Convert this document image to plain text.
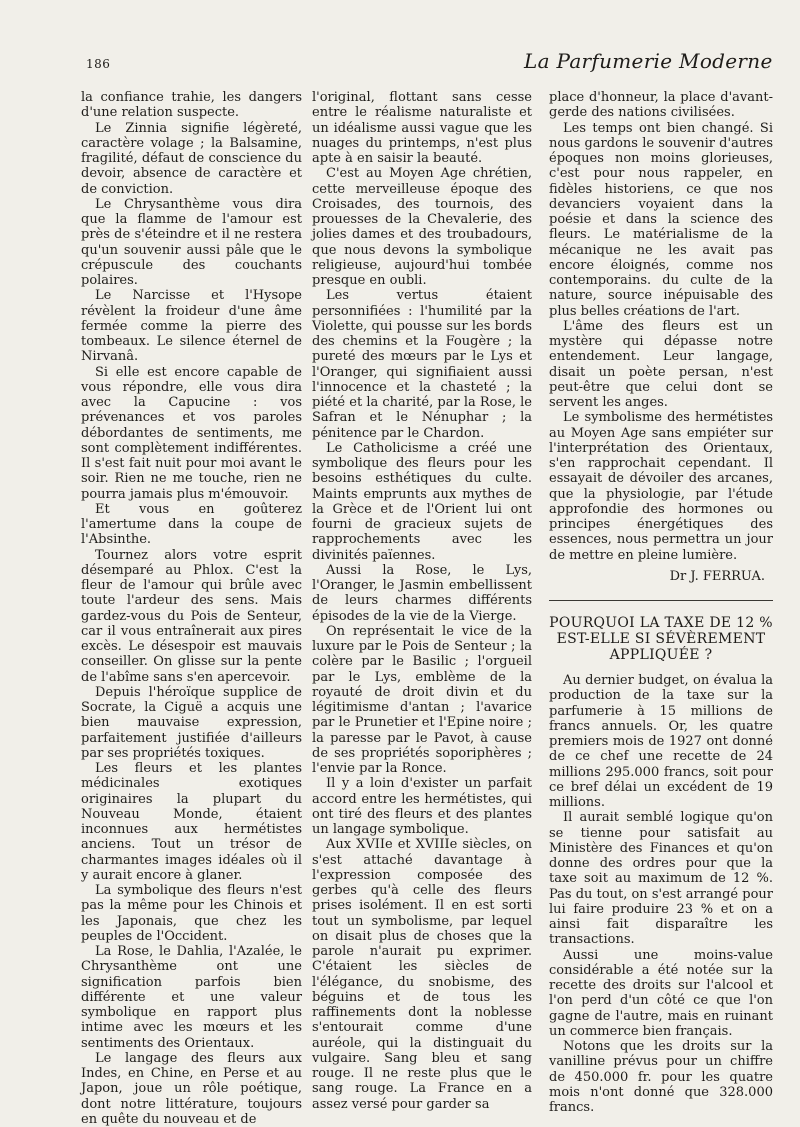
186	La Parfumerie Moderne

la confiance trahie, les dangers d'une relation suspecte.

Le Zinnia signifie légèreté, caractère volage ; la Balsamine, fragilité, défaut de conscience du devoir, absence de caractère et de conviction.

Le Chrysanthème vous dira que la flamme de l'amour est près de s'éteindre et il ne restera qu'un souvenir aussi pâle que le crépuscule des couchants polaires.

Le Narcisse et l'Hysope révèlent la froideur d'une âme fermée comme la pierre des tombeaux. Le silence éternel de Nirvanâ.

Si elle est encore capable de vous répondre, elle vous dira avec la Capucine : vos prévenances et vos paroles débordantes de sentiments, me sont complètement indifférentes. Il s'est fait nuit pour moi avant le soir. Rien ne me touche, rien ne pourra jamais plus m'émouvoir.

Et vous en goûterez l'amertume dans la coupe de l'Absinthe.

Tournez alors votre esprit désemparé au Phlox. C'est la fleur de l'amour qui brûle avec toute l'ardeur des sens. Mais gardez-vous du Pois de Senteur, car il vous entraînerait aux pires excès. Le désespoir est mauvais conseiller. On glisse sur la pente de l'abîme sans s'en apercevoir.

Depuis l'héroïque supplice de Socrate, la Ciguë a acquis une bien mauvaise expression, parfaitement justifiée d'ailleurs par ses propriétés toxiques.

Les fleurs et les plantes médicinales exotiques originaires la plupart du Nouveau Monde, étaient inconnues aux hermétistes anciens. Tout un trésor de charmantes images idéales où il y aurait encore à glaner.

La symbolique des fleurs n'est pas la même pour les Chinois et les Japonais, que chez les peuples de l'Occident.

La Rose, le Dahlia, l'Azalée, le Chrysanthème ont une signification parfois bien différente et une valeur symbolique en rapport plus intime avec les mœurs et les sentiments des Orientaux.

Le langage des fleurs aux Indes, en Chine, en Perse et au Japon, joue un rôle poétique, dont notre littérature, toujours en quête du nouveau et de

l'original, flottant sans cesse entre le réalisme naturaliste et un idéalisme aussi vague que les nuages du printemps, n'est plus apte à en saisir la beauté.

C'est au Moyen Age chrétien, cette merveilleuse époque des Croisades, des tournois, des prouesses de la Chevalerie, des jolies dames et des troubadours, que nous devons la symbolique religieuse, aujourd'hui tombée presque en oubli.

Les vertus étaient personnifiées : l'humilité par la Violette, qui pousse sur les bords des chemins et la Fougère ; la pureté des mœurs par le Lys et l'Oranger, qui signifiaient aussi l'innocence et la chasteté ; la piété et la charité, par la Rose, le Safran et le Nénuphar ; la pénitence par le Chardon.

Le Catholicisme a créé une symbolique des fleurs pour les besoins esthétiques du culte. Maints emprunts aux mythes de la Grèce et de l'Orient lui ont fourni de gracieux sujets de rapprochements avec les divinités païennes.

Aussi la Rose, le Lys, l'Oranger, le Jasmin embellissent de leurs charmes différents épisodes de la vie de la Vierge.

On représentait le vice de la luxure par le Pois de Senteur ; la colère par le Basilic ; l'orgueil par le Lys, emblème de la royauté de droit divin et du légitimisme d'antan ; l'avarice par le Prunetier et l'Epine noire ; la paresse par le Pavot, à cause de ses propriétés soporiphères ; l'envie par la Ronce.

Il y a loin d'exister un parfait accord entre les hermétistes, qui ont tiré des fleurs et des plantes un langage symbolique.

Aux XVIIe et XVIIIe siècles, on s'est attaché davantage à l'expression composée des gerbes qu'à celle des fleurs prises isolément. Il en est sorti tout un symbolisme, par lequel on disait plus de choses que la parole n'aurait pu exprimer. C'étaient les siècles de l'élégance, du snobisme, des béguins et de tous les raffinements dont la noblesse s'entourait comme d'une auréole, qui la distinguait du vulgaire. Sang bleu et sang rouge. Il ne reste plus que le sang rouge. La France en a assez versé pour garder sa

place d'honneur, la place d'avant-gerde des nations civilisées.

Les temps ont bien changé. Si nous gardons le souvenir d'autres époques non moins glorieuses, c'est pour nous rappeler, en fidèles historiens, ce que nos devanciers voyaient dans la poésie et dans la science des fleurs. Le matérialisme de la mécanique ne les avait pas encore éloignés, comme nos contemporains. du culte de la nature, source inépuisable des plus belles créations de l'art.

L'âme des fleurs est un mystère qui dépasse notre entendement. Leur langage, disait un poète persan, n'est peut-être que celui dont se servent les anges.

Le symbolisme des hermétistes au Moyen Age sans empiéter sur l'interprétation des Orientaux, s'en rapprochait cependant. Il essayait de dévoiler des arcanes, que la physiologie, par l'étude approfondie des hormones ou principes énergétiques des essences, nous permettra un jour de mettre en pleine lumière.

Dr J. FERRUA.
POURQUOI LA TAXE DE 12 % EST-ELLE SI SÉVÈREMENT APPLIQUÉE ?

Au dernier budget, on évalua la production de la taxe sur la parfumerie à 15 millions de francs annuels. Or, les quatre premiers mois de 1927 ont donné de ce chef une recette de 24 millions 295.000 francs, soit pour ce bref délai un excédent de 19 millions.

Il aurait semblé logique qu'on se tienne pour satisfait au Ministère des Finances et qu'on donne des ordres pour que la taxe soit au maximum de 12 %. Pas du tout, on s'est arrangé pour lui faire produire 23 % et on a ainsi fait disparaître les transactions.

Aussi une moins-value considérable a été notée sur la recette des droits sur l'alcool et l'on perd d'un côté ce que l'on gagne de l'autre, mais en ruinant un commerce bien français.

Notons que les droits sur la vanilline prévus pour un chiffre de 450.000 fr. pour les quatre mois n'ont donné que 328.000 francs.
